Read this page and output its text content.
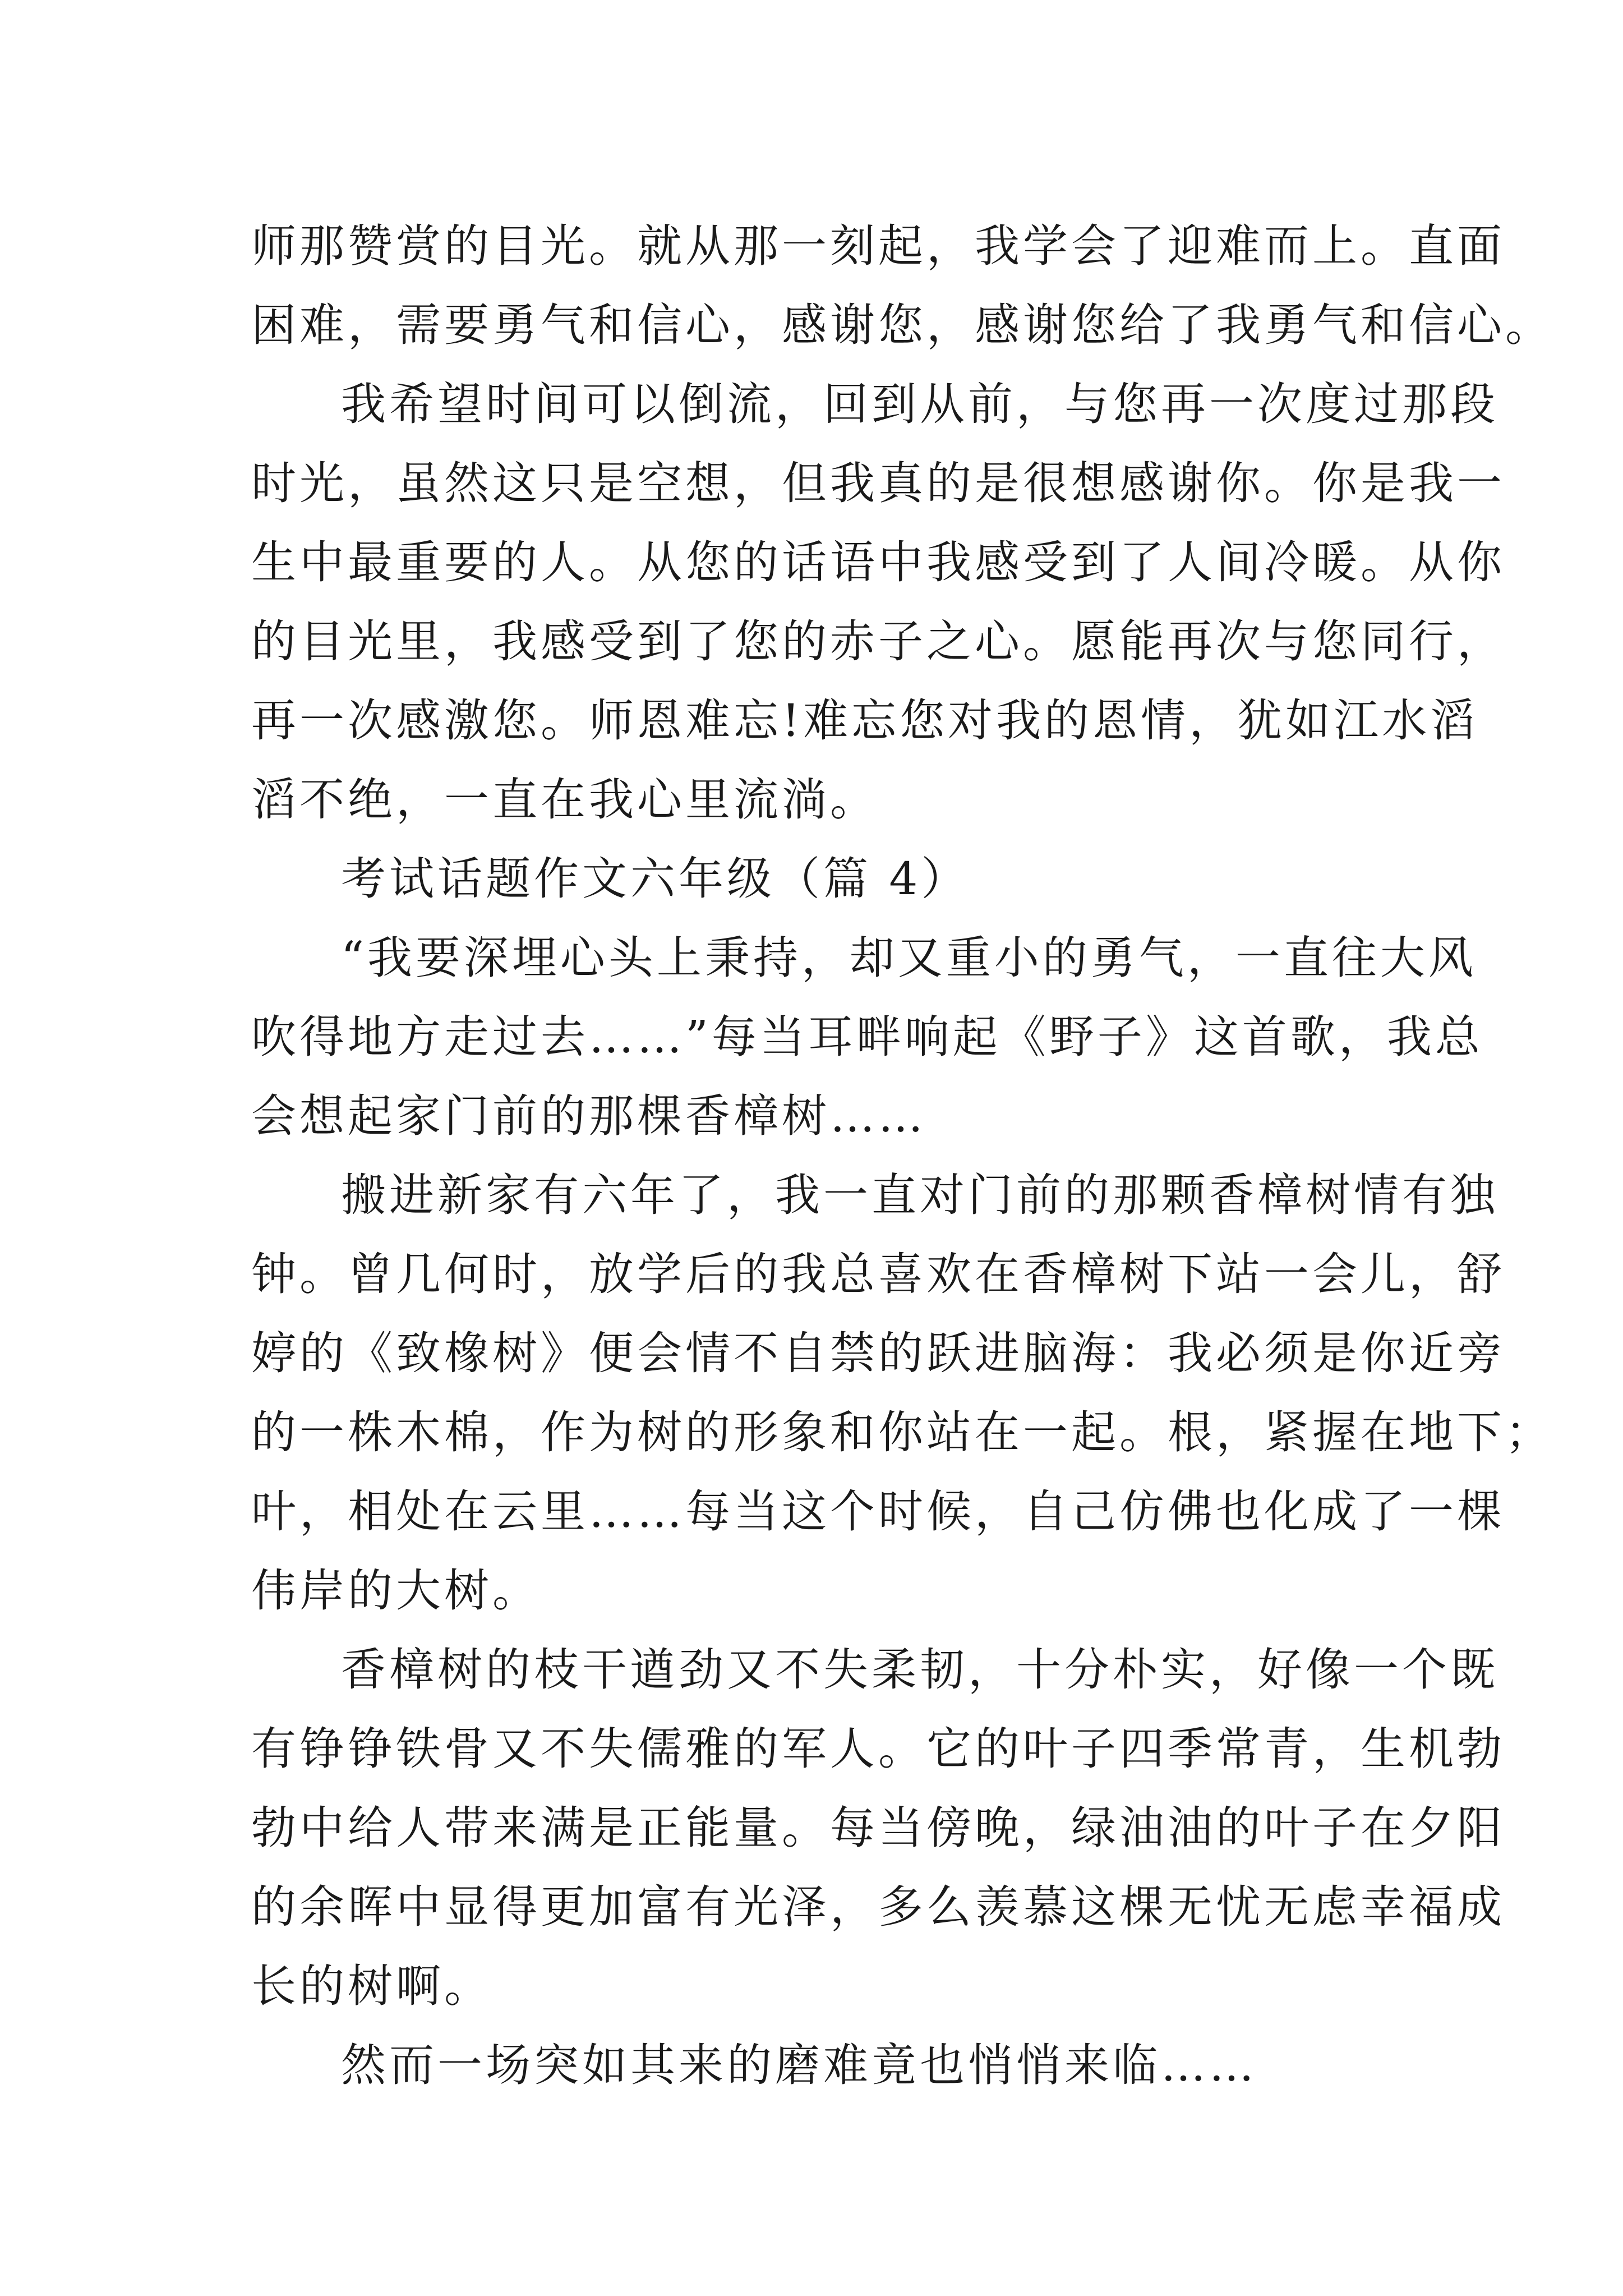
师那赞赏的目光。就从那一刻起，我学会了迎难而上。直面
困难，需要勇气和信心，感谢您，感谢您给了我勇气和信心。
我希望时间可以倒流，回到从前，与您再一次度过那段
时光，虽然这只是空想，但我真的是很想感谢你。你是我一
生中最重要的人。从您的话语中我感受到了人间冷暖。从你
的目光里，我感受到了您的赤子之心。愿能再次与您同行，
再一次感激您。师恩难忘!难忘您对我的恩情，犹如江水滔
滔不绝，一直在我心里流淌。
考试话题作文六年级（篇 4）
“我要深埋心头上秉持，却又重小的勇气，一直往大风
吹得地方走过去……”每当耳畔响起《野子》这首歌，我总
会想起家门前的那棵香樟树……
搬进新家有六年了，我一直对门前的那颗香樟树情有独
钟。曾几何时，放学后的我总喜欢在香樟树下站一会儿，舒
婷的《致橡树》便会情不自禁的跃进脑海：我必须是你近旁
的一株木棉，作为树的形象和你站在一起。根，紧握在地下；
叶，相处在云里……每当这个时候，自己仿佛也化成了一棵
伟岸的大树。
香樟树的枝干遒劲又不失柔韧，十分朴实，好像一个既
有铮铮铁骨又不失儒雅的军人。它的叶子四季常青，生机勃
勃中给人带来满是正能量。每当傍晚，绿油油的叶子在夕阳
的余晖中显得更加富有光泽，多么羡慕这棵无忧无虑幸福成
长的树啊。
然而一场突如其来的磨难竟也悄悄来临……
